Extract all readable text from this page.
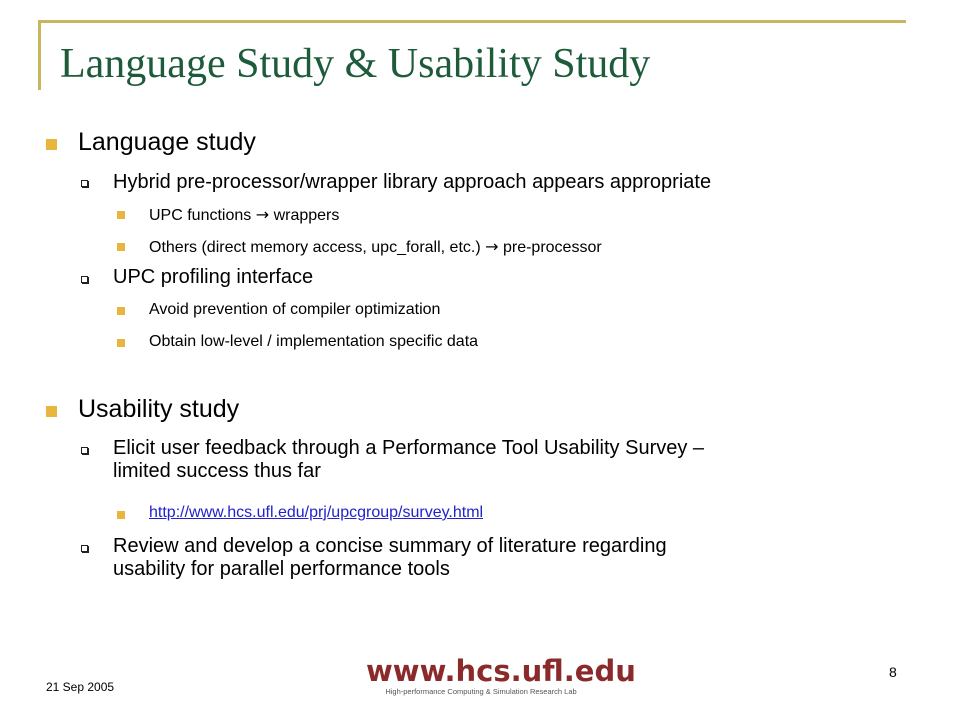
Language Study & Usability Study
Language study
Hybrid pre-processor/wrapper library approach appears appropriate
UPC functions → wrappers
Others (direct memory access, upc_forall, etc.) → pre-processor
UPC profiling interface
Avoid prevention of compiler optimization
Obtain low-level / implementation specific data
Usability study
Elicit user feedback through a Performance Tool Usability Survey –
limited success thus far
http://www.hcs.ufl.edu/prj/upcgroup/survey.html
Review and develop a concise summary of literature regarding
usability for parallel performance tools
21 Sep 2005
8
www.hcs.ufl.edu
High-performance Computing & Simulation Research Lab
